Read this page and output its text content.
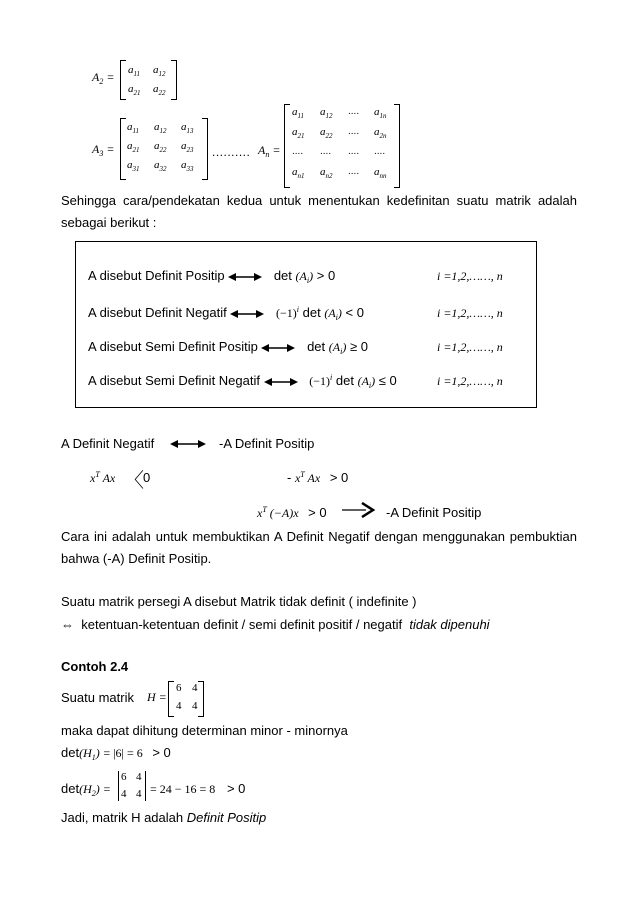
$A_2 = a_{11}$ $a_{12}$
$a_{21}$ $a_{22}$
$A_3$ =
$a_{11}$ $a_{12}$ $a_{13}$
$a_{21}$ $a_{22}$ $a_{23}$
$a_{31}$ $a_{32}$ $a_{33}$
.......... $A_n$ =
$a_{11}$ $a_{12}$ .... $a_{1n}$
$a_{21}$ $a_{22}$ .... $a_{2n}$
.... .... .... ....
$a_{n1}$ $a_{n2}$ .... $a_{nn}$
Sehingga cara/pendekatan kedua untuk menentukan kedefinitan suatu matrik adalah sebagai berikut :
A disebut Definit Positip	$\det (A_i) > 0$	i =1,2,……, n
A disebut Definit Negatif	$(-1)^i$ $\det (A_i) < 0$	i =1,2,……, n
A disebut Semi Definit Positip	$\det (A_i) \ge 0$	i =1,2,……, n
A disebut Semi Definit Negatif	$(-1)^i$ $\det (A_i) \le 0$	i =1,2,……, n
A Definit Negatif	-A Definit Positip
$x^T$ Ax 〈 0	- $x^T$ Ax > 0
$x^T$ (−A)x > 0	-A Definit Positip
Cara ini adalah untuk membuktikan A Definit Negatif dengan menggunakan pembuktian bahwa (-A) Definit Positip.
Suatu matrik persegi A disebut Matrik tidak definit ( indefinite )
⇔ ketentuan-ketentuan definit / semi definit positif / negatif tidak dipenuhi
Contoh 2.4
Suatu matrik H =
6 4
4 4
maka dapat dihitung determinan minor - minornya
$\det(H_1) = |6| = 6 > 0$
$\det(H_2)$ =
6 4
4 4 = 24 − 16 = 8 > 0
Jadi, matrik H adalah Definit Positip
